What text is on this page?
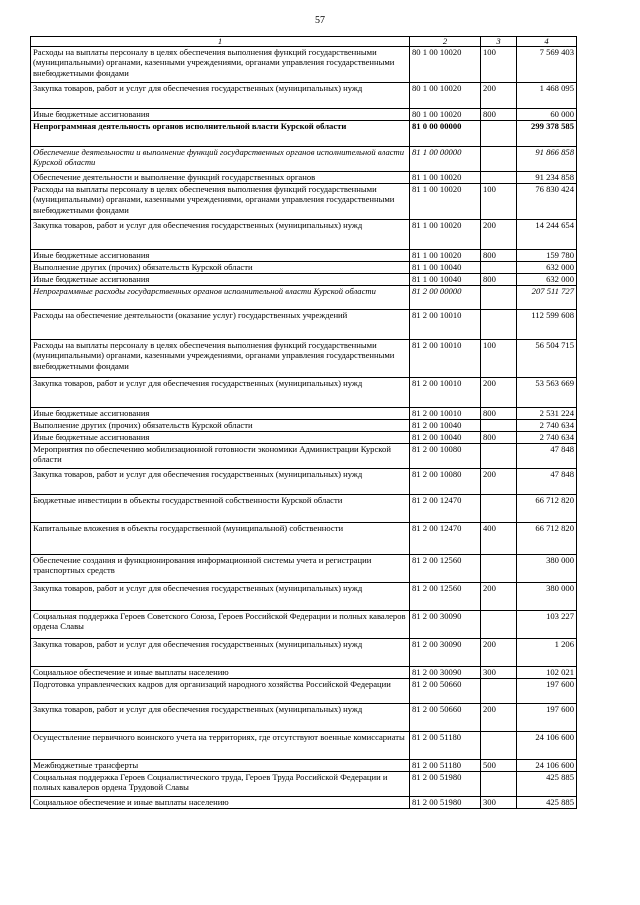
57
1	2	3	4
Расходы на выплаты персоналу в целях обеспечения выполнения функций государственными (муниципальными) органами, казенными учреждениями, органами управления государственными внебюджетными фондами	80 1 00 10020	100	7 569 403
Закупка товаров, работ и услуг для обеспечения государственных (муниципальных) нужд	80 1 00 10020	200	1 468 095
Иные бюджетные ассигнования	80 1 00 10020	800	60 000
Непрограммная деятельность органов исполнительной власти Курской области	81 0 00 00000		299 378 585
Обеспечение деятельности и выполнение функций государственных органов исполнительной власти Курской области	81 1 00 00000		91 866 858
Обеспечение деятельности и выполнение функций государственных органов	81 1 00 10020		91 234 858
Расходы на выплаты персоналу в целях обеспечения выполнения функций государственными (муниципальными) органами, казенными учреждениями, органами управления государственными внебюджетными фондами	81 1 00 10020	100	76 830 424
Закупка товаров, работ и услуг для обеспечения государственных (муниципальных) нужд	81 1 00 10020	200	14 244 654
Иные бюджетные ассигнования	81 1 00 10020	800	159 780
Выполнение других (прочих) обязательств Курской области	81 1 00 10040		632 000
Иные бюджетные ассигнования	81 1 00 10040	800	632 000
Непрограммные расходы государственных органов исполнительной власти Курской области	81 2 00 00000		207 511 727
Расходы на обеспечение деятельности (оказание услуг) государственных учреждений	81 2 00 10010		112 599 608
Расходы на выплаты персоналу в целях обеспечения выполнения функций государственными (муниципальными) органами, казенными учреждениями, органами управления государственными внебюджетными фондами	81 2 00 10010	100	56 504 715
Закупка товаров, работ и услуг для обеспечения государственных (муниципальных) нужд	81 2 00 10010	200	53 563 669
Иные бюджетные ассигнования	81 2 00 10010	800	2 531 224
Выполнение других (прочих) обязательств Курской области	81 2 00 10040		2 740 634
Иные бюджетные ассигнования	81 2 00 10040	800	2 740 634
Мероприятия по обеспечению мобилизационной готовности экономики Администрации Курской области	81 2 00 10080		47 848
Закупка товаров, работ и услуг для обеспечения государственных (муниципальных) нужд	81 2 00 10080	200	47 848
Бюджетные инвестиции в объекты государственной собственности Курской области	81 2 00 12470		66 712 820
Капитальные вложения в объекты государственной (муниципальной) собственности	81 2 00 12470	400	66 712 820
Обеспечение создания и функционирования информационной системы учета и регистрации транспортных средств	81 2 00 12560		380 000
Закупка товаров, работ и услуг для обеспечения государственных (муниципальных) нужд	81 2 00 12560	200	380 000
Социальная поддержка Героев Советского Союза, Героев Российской Федерации и полных кавалеров ордена Славы	81 2 00 30090		103 227
Закупка товаров, работ и услуг для обеспечения государственных (муниципальных) нужд	81 2 00 30090	200	1 206
Социальное обеспечение и иные выплаты населению	81 2 00 30090	300	102 021
Подготовка управленческих кадров для организаций народного хозяйства Российской Федерации	81 2 00 50660		197 600
Закупка товаров, работ и услуг для обеспечения государственных (муниципальных) нужд	81 2 00 50660	200	197 600
Осуществление первичного воинского учета на территориях, где отсутствуют военные комиссариаты	81 2 00 51180		24 106 600
Межбюджетные трансферты	81 2 00 51180	500	24 106 600
Социальная поддержка Героев Социалистического труда, Героев Труда Российской Федерации и полных кавалеров ордена Трудовой Славы	81 2 00 51980		425 885
Социальное обеспечение и иные выплаты населению	81 2 00 51980	300	425 885
